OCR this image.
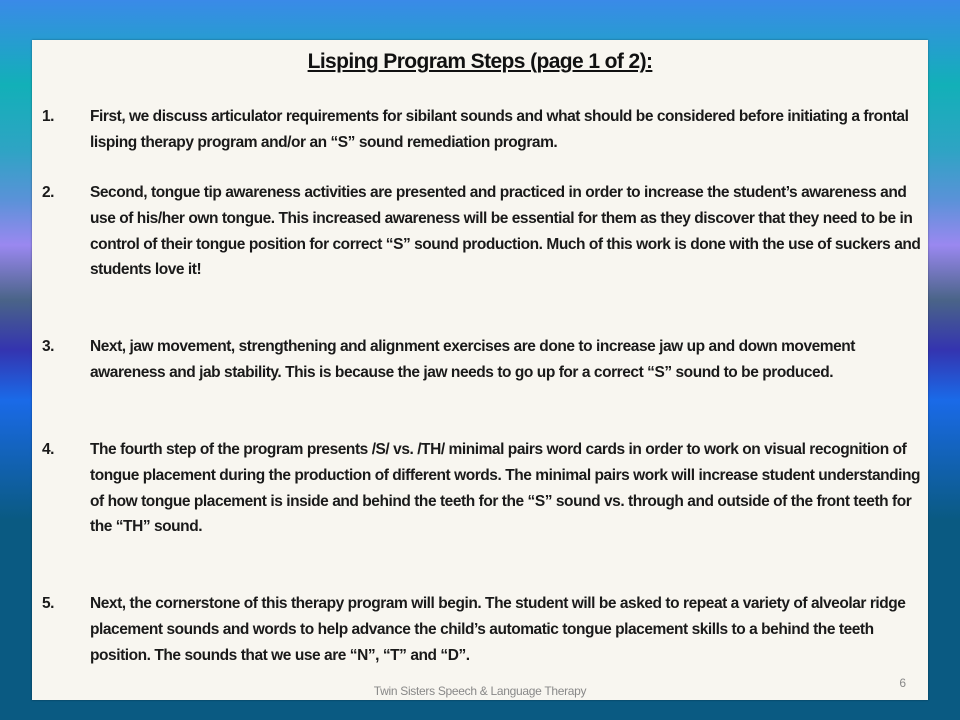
Lisping Program Steps (page 1 of 2):
1. First, we discuss articulator requirements for sibilant sounds and what should be considered before initiating a frontal lisping therapy program and/or an “S” sound remediation program.
2. Second, tongue tip awareness activities are presented and practiced in order to increase the student’s awareness and use of his/her own tongue. This increased awareness will be essential for them as they discover that they need to be in control of their tongue position for correct “S” sound production. Much of this work is done with the use of suckers and students love it!
3. Next, jaw movement, strengthening and alignment exercises are done to increase jaw up and down movement awareness and jab stability. This is because the jaw needs to go up for a correct “S” sound to be produced.
4. The fourth step of the program presents /S/ vs. /TH/ minimal pairs word cards in order to work on visual recognition of tongue placement during the production of different words. The minimal pairs work will increase student understanding of how tongue placement is inside and behind the teeth for the “S” sound vs. through and outside of the front teeth for the “TH” sound.
5. Next, the cornerstone of this therapy program will begin. The student will be asked to repeat a variety of alveolar ridge placement sounds and words to help advance the child’s automatic tongue placement skills to a behind the teeth position. The sounds that we use are “N”, “T” and “D”.
Twin Sisters Speech & Language Therapy
6
